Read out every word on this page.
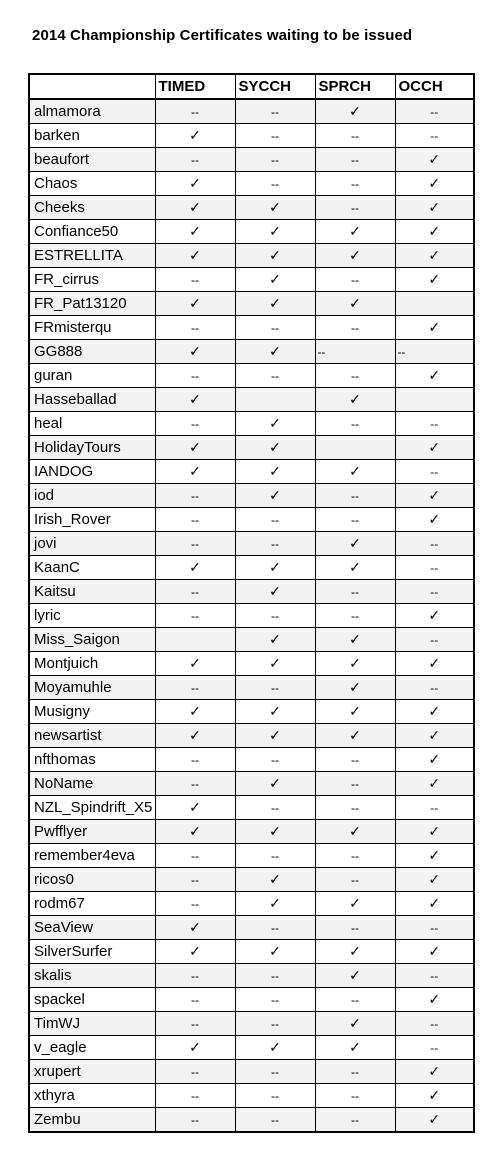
2014 Championship Certificates waiting to be issued
	TIMED	SYCCH	SPRCH	OCCH
almamora	--	--	✓	--
barken	✓	--	--	--
beaufort	--	--	--	✓
Chaos	✓	--	--	✓
Cheeks	✓	✓	--	✓
Confiance50	✓	✓	✓	✓
ESTRELLITA	✓	✓	✓	✓
FR_cirrus	--	✓	--	✓
FR_Pat13120	✓	✓	✓	
FRmisterqu	--	--	--	✓
GG888	✓	✓	--	--
guran	--	--	--	✓
Hasseballad	✓		✓	
heal	--	✓	--	--
HolidayTours	✓	✓		✓
IANDOG	✓	✓	✓	--
iod	--	✓	--	✓
Irish_Rover	--	--	--	✓
jovi	--	--	✓	--
KaanC	✓	✓	✓	--
Kaitsu	--	✓	--	--
lyric	--	--	--	✓
Miss_Saigon		✓	✓	--
Montjuich	✓	✓	✓	✓
Moyamuhle	--	--	✓	--
Musigny	✓	✓	✓	✓
newsartist	✓	✓	✓	✓
nfthomas	--	--	--	✓
NoName	--	✓	--	✓
NZL_Spindrift_X5	✓	--	--	--
Pwfflyer	✓	✓	✓	✓
remember4eva	--	--	--	✓
ricos0	--	✓	--	✓
rodm67	--	✓	✓	✓
SeaView	✓	--	--	--
SilverSurfer	✓	✓	✓	✓
skalis	--	--	✓	--
spackel	--	--	--	✓
TimWJ	--	--	✓	--
v_eagle	✓	✓	✓	--
xrupert	--	--	--	✓
xthyra	--	--	--	✓
Zembu	--	--	--	✓
